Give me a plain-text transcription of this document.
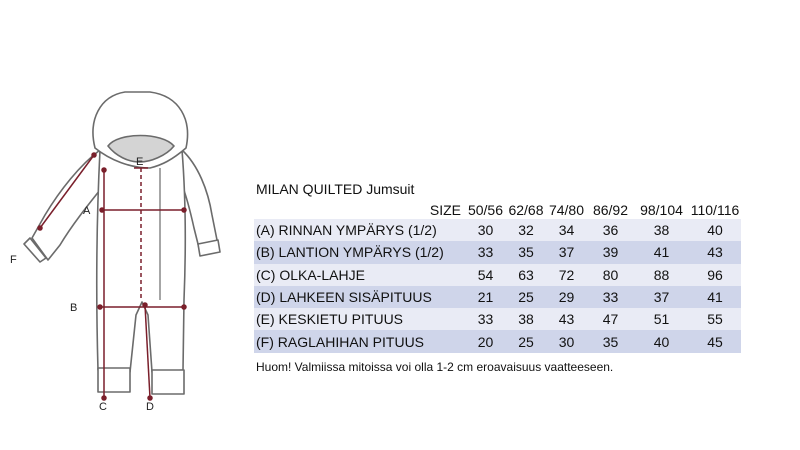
A
B
C	D
E
F
MILAN QUILTED Jumsuit
SIZE	50/56	62/68	74/80	86/92	98/104	110/116
(A) RINNAN YMPÄRYS (1/2)	30	32	34	36	38	40
(B) LANTION YMPÄRYS (1/2)	33	35	37	39	41	43
(C) OLKA-LAHJE	54	63	72	80	88	96
(D) LAHKEEN SISÄPITUUS	21	25	29	33	37	41
(E) KESKIETU PITUUS	33	38	43	47	51	55
(F) RAGLAHIHAN PITUUS	20	25	30	35	40	45
Huom! Valmiissa mitoissa voi olla 1-2 cm eroavaisuus vaatteeseen.
